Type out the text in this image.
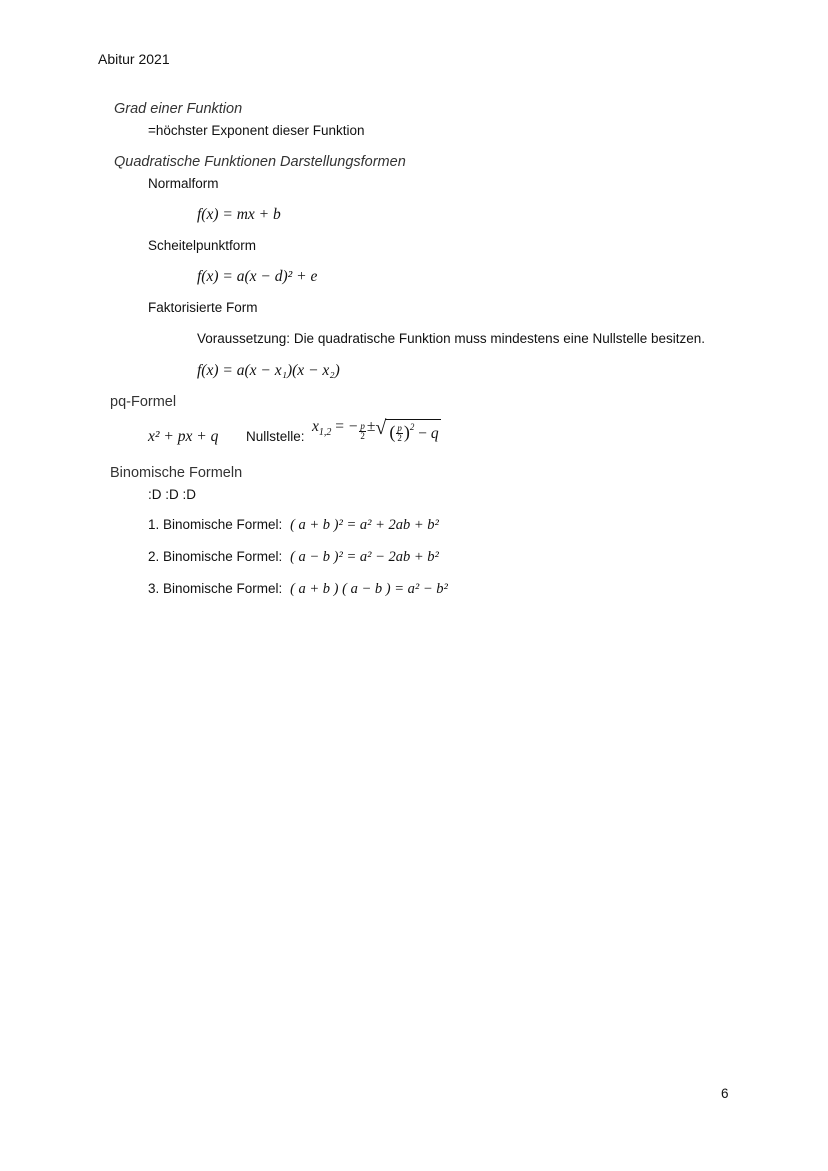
Abitur 2021
Grad einer Funktion
=höchster Exponent dieser Funktion
Quadratische Funktionen Darstellungsformen
Normalform
f(x) = mx + b
Scheitelpunktform
f(x) = a(x − d)² + e
Faktorisierte Form
Voraussetzung: Die quadratische Funktion muss mindestens eine Nullstelle besitzen.
f(x) = a(x − x₁)(x − x₂)
pq-Formel
x² + px + q Nullstelle:
$x_{1,2}$ = − $\frac{p}{2}$ ± √ ( $\frac{p}{2} )^2 - q$
Binomische Formeln
:D :D :D
1. Binomische Formel: ( a + b )² = a² + 2ab + b²
2. Binomische Formel: ( a − b )² = a² − 2ab + b²
3. Binomische Formel: ( a + b ) ( a − b ) = a² − b²
6
